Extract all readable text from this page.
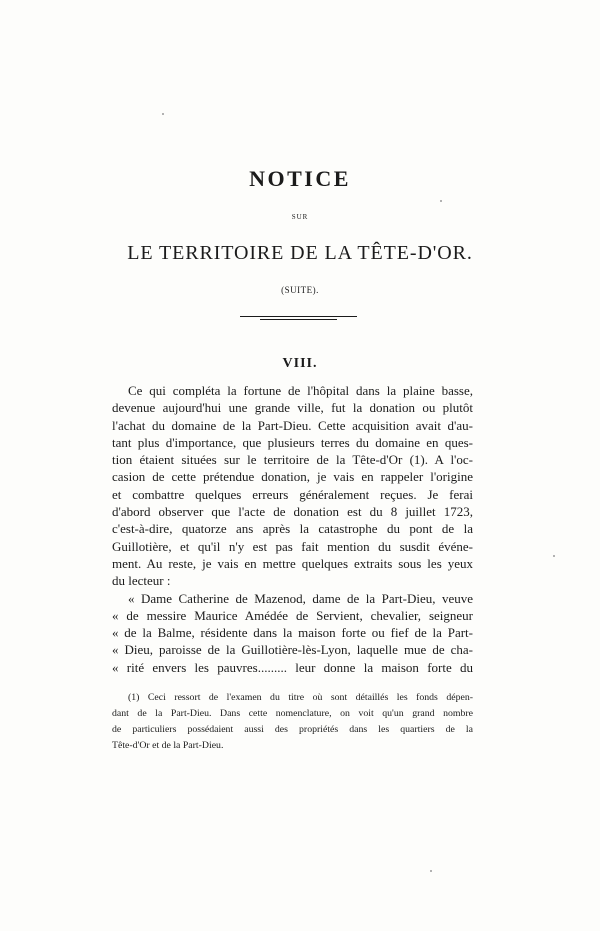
NOTICE
SUR
LE TERRITOIRE DE LA TÊTE-D'OR.
(SUITE).
VIII.
Ce qui compléta la fortune de l'hôpital dans la plaine basse,
devenue aujourd'hui une grande ville, fut la donation ou plutôt
l'achat du domaine de la Part-Dieu. Cette acquisition avait d'au-
tant plus d'importance, que plusieurs terres du domaine en ques-
tion étaient situées sur le territoire de la Tête-d'Or (1). A l'oc-
casion de cette prétendue donation, je vais en rappeler l'origine
et combattre quelques erreurs généralement reçues. Je ferai
d'abord observer que l'acte de donation est du 8 juillet 1723,
c'est-à-dire, quatorze ans après la catastrophe du pont de la
Guillotière, et qu'il n'y est pas fait mention du susdit événe-
ment. Au reste, je vais en mettre quelques extraits sous les yeux
du lecteur :
« Dame Catherine de Mazenod, dame de la Part-Dieu, veuve
« de messire Maurice Amédée de Servient, chevalier, seigneur
« de la Balme, résidente dans la maison forte ou fief de la Part-
« Dieu, paroisse de la Guillotière-lès-Lyon, laquelle mue de cha-
« rité envers les pauvres......... leur donne la maison forte du
(1) Ceci ressort de l'examen du titre où sont détaillés les fonds dépen-
dant de la Part-Dieu. Dans cette nomenclature, on voit qu'un grand nombre
de particuliers possédaient aussi des propriétés dans les quartiers de la
Tête-d'Or et de la Part-Dieu.
